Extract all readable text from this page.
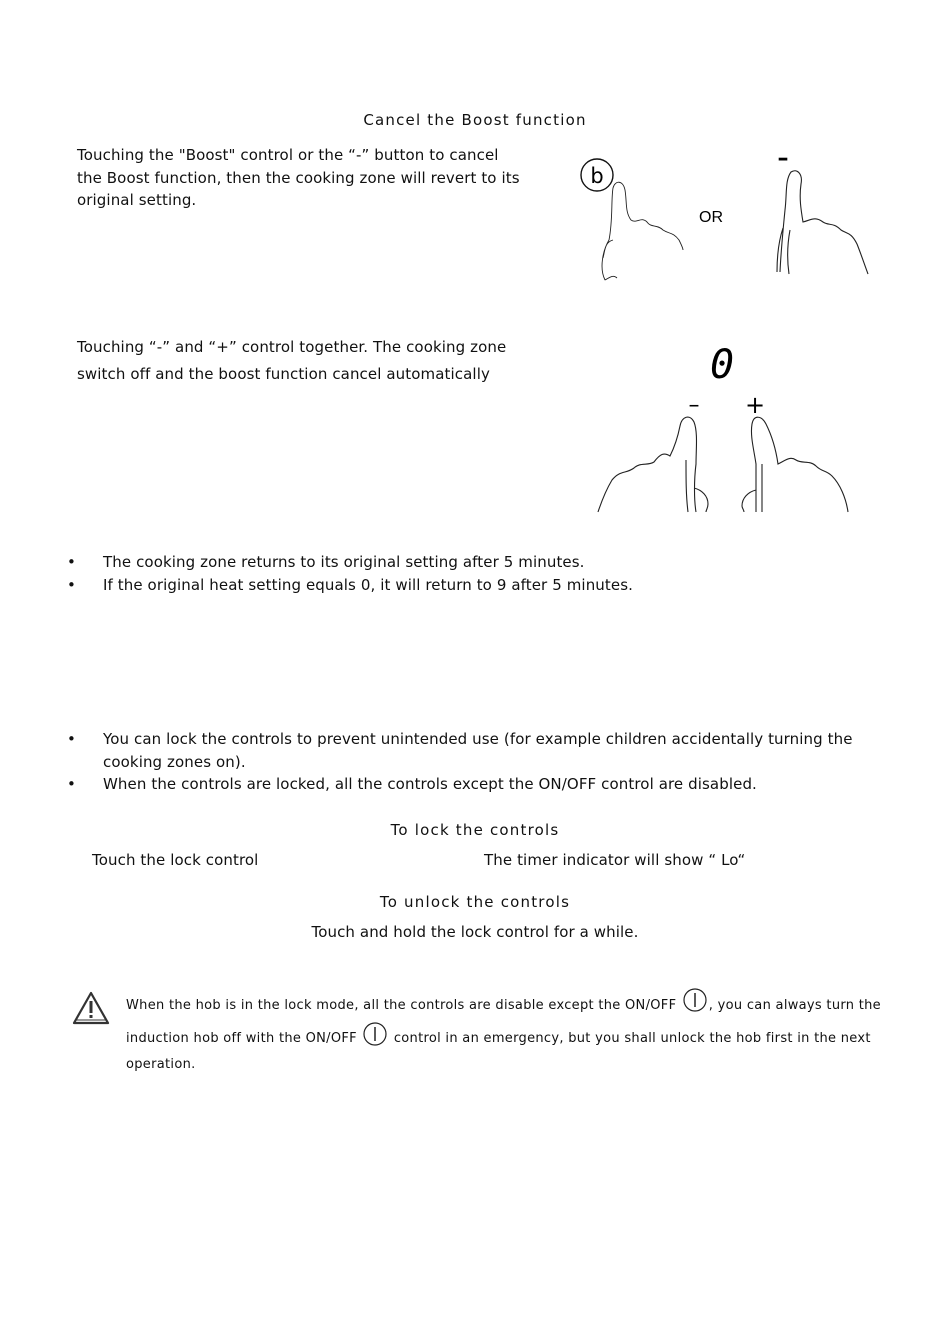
Cancel the Boost function
Touching the "Boost" control or the “-” button to cancel the Boost function, then the cooking zone will revert to its original setting.
b
OR
–
Touching “-” and “+” control together. The cooking zone switch off and the boost function cancel automatically	0
– +
• The cooking zone returns to its original setting after 5 minutes.
• If the original heat setting equals 0, it will return to 9 after 5 minutes.
• You can lock the controls to prevent unintended use (for example children accidentally turning the cooking zones on).
• When the controls are locked, all the controls except the ON/OFF control are disabled.
To lock the controls
Touch the lock control	The timer indicator will show “ Lo“
To unlock the controls
Touch and hold the lock control for a while.
When the hob is in the lock mode, all the controls are disable except the ON/OFF , you can always turn the induction hob off with the ON/OFF	control in an emergency, but you shall unlock the hob first in the next operation.
